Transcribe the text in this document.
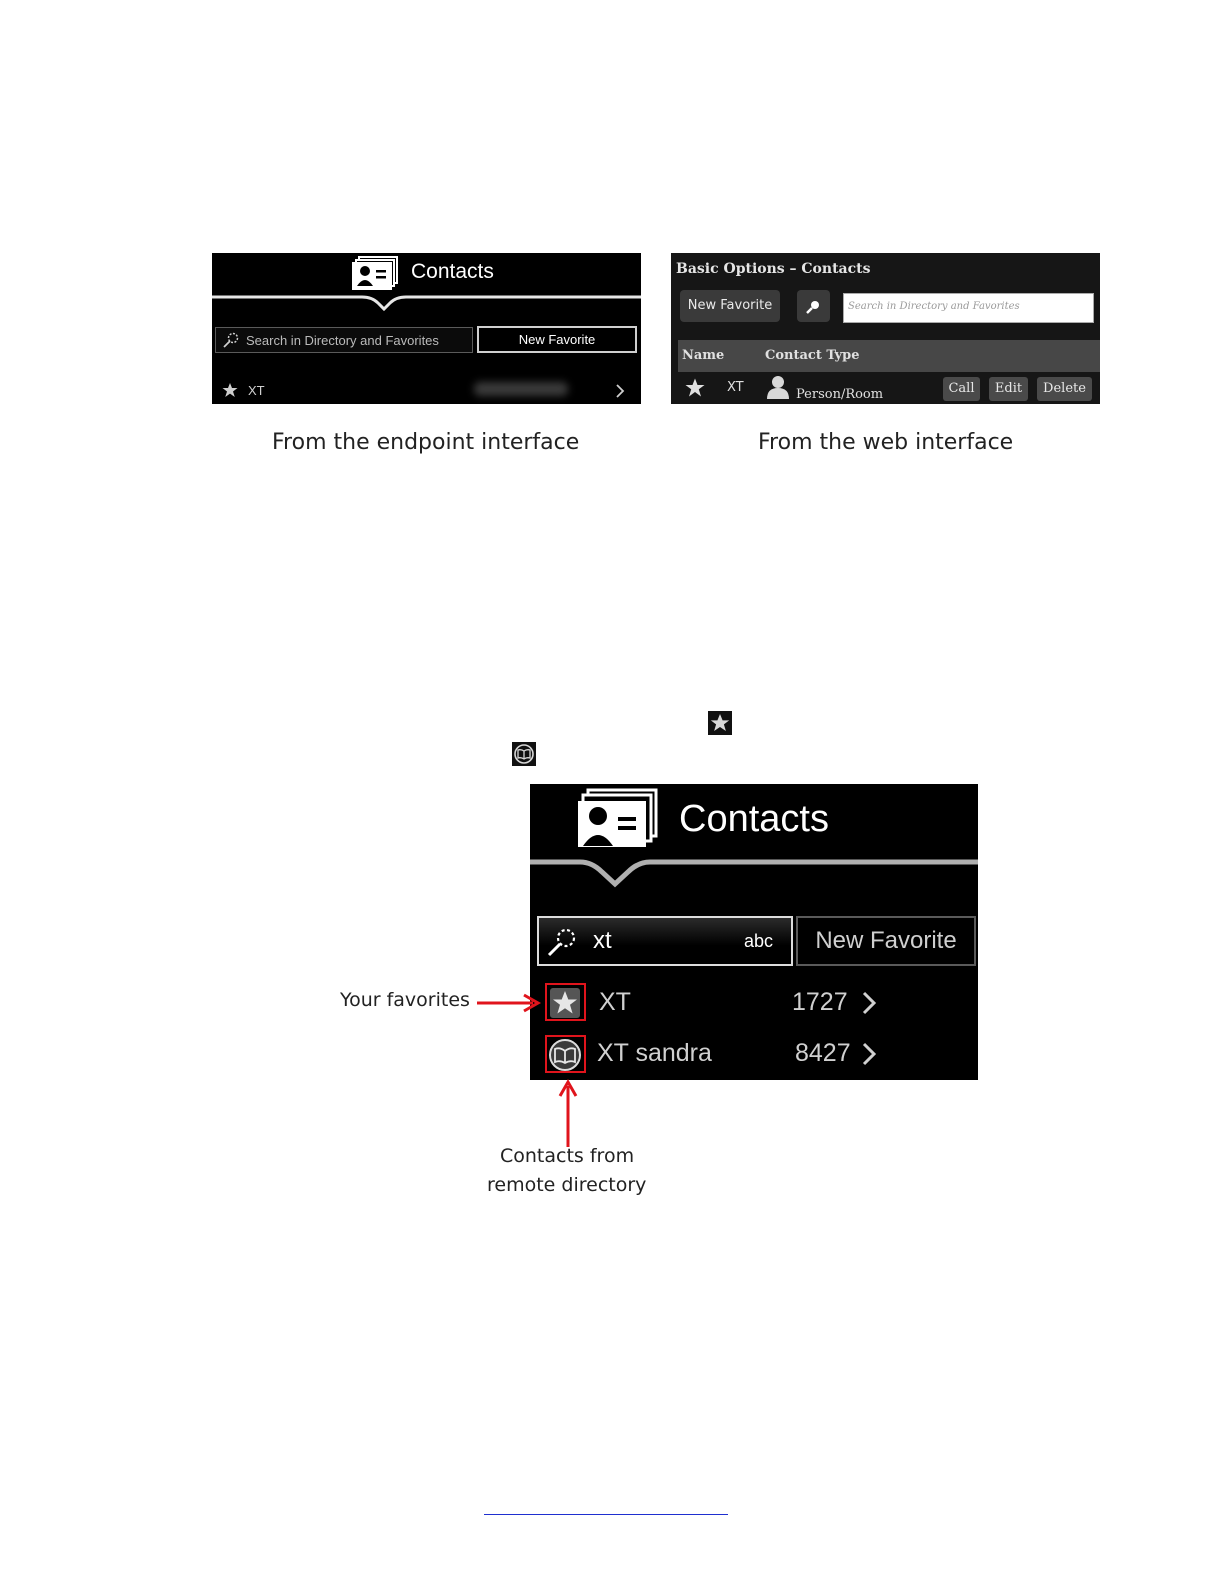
Contacts
Search in Directory and Favorites	New Favorite
XT
Basic Options – Contacts
New Favorite	Search in Directory and Favorites
Name	Contact Type
XT	Person/Room	Call	Edit	Delete
From the endpoint interface	From the web interface
Contacts
xt	abc	New Favorite
XT	1727
XT sandra	8427
Your favorites
Contacts from
remote directory
